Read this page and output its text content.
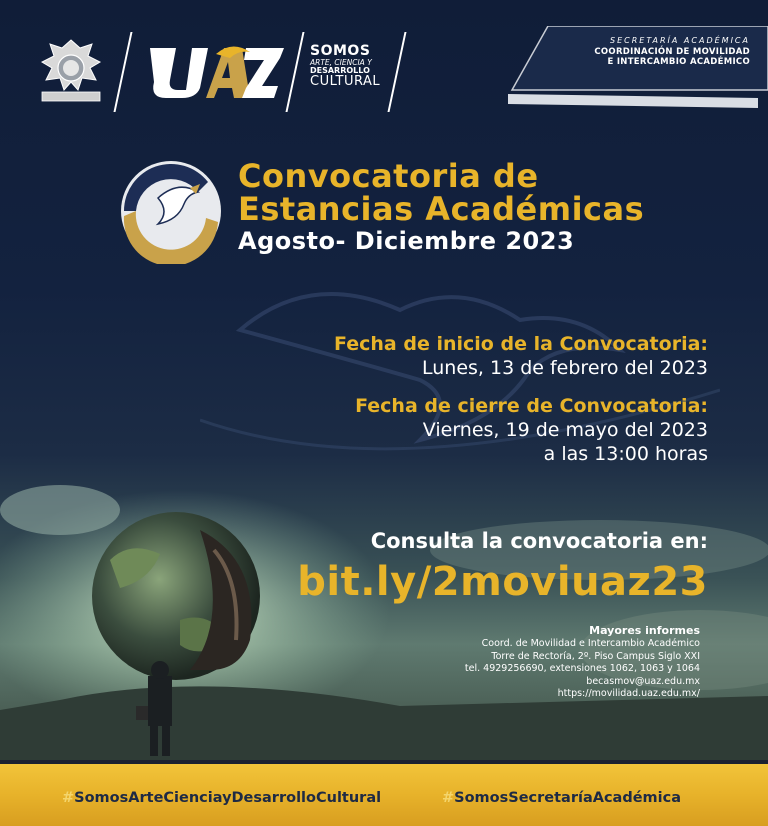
SOMOS
ARTE, CIENCIA Y
DESARROLLO
CULTURAL
SECRETARÍA ACADÉMICA
COORDINACIÓN DE MOVILIDAD
E INTERCAMBIO ACADÉMICO
Convocatoria de
Estancias Académicas
Agosto- Diciembre 2023
Fecha de inicio de la Convocatoria:
Lunes, 13 de febrero del 2023
Fecha de cierre de Convocatoria:
Viernes, 19 de mayo del 2023
a las 13:00 horas
Consulta la convocatoria en:
bit.ly/2moviuaz23
Mayores informes
Coord. de Movilidad e Intercambio Académico
Torre de Rectoría, 2º. Piso Campus Siglo XXI
tel. 4929256690, extensiones 1062, 1063 y 1064
becasmov@uaz.edu.mx
https://movilidad.uaz.edu.mx/
#SomosArteCienciayDesarrolloCultural	#SomosSecretaríaAcadémica
